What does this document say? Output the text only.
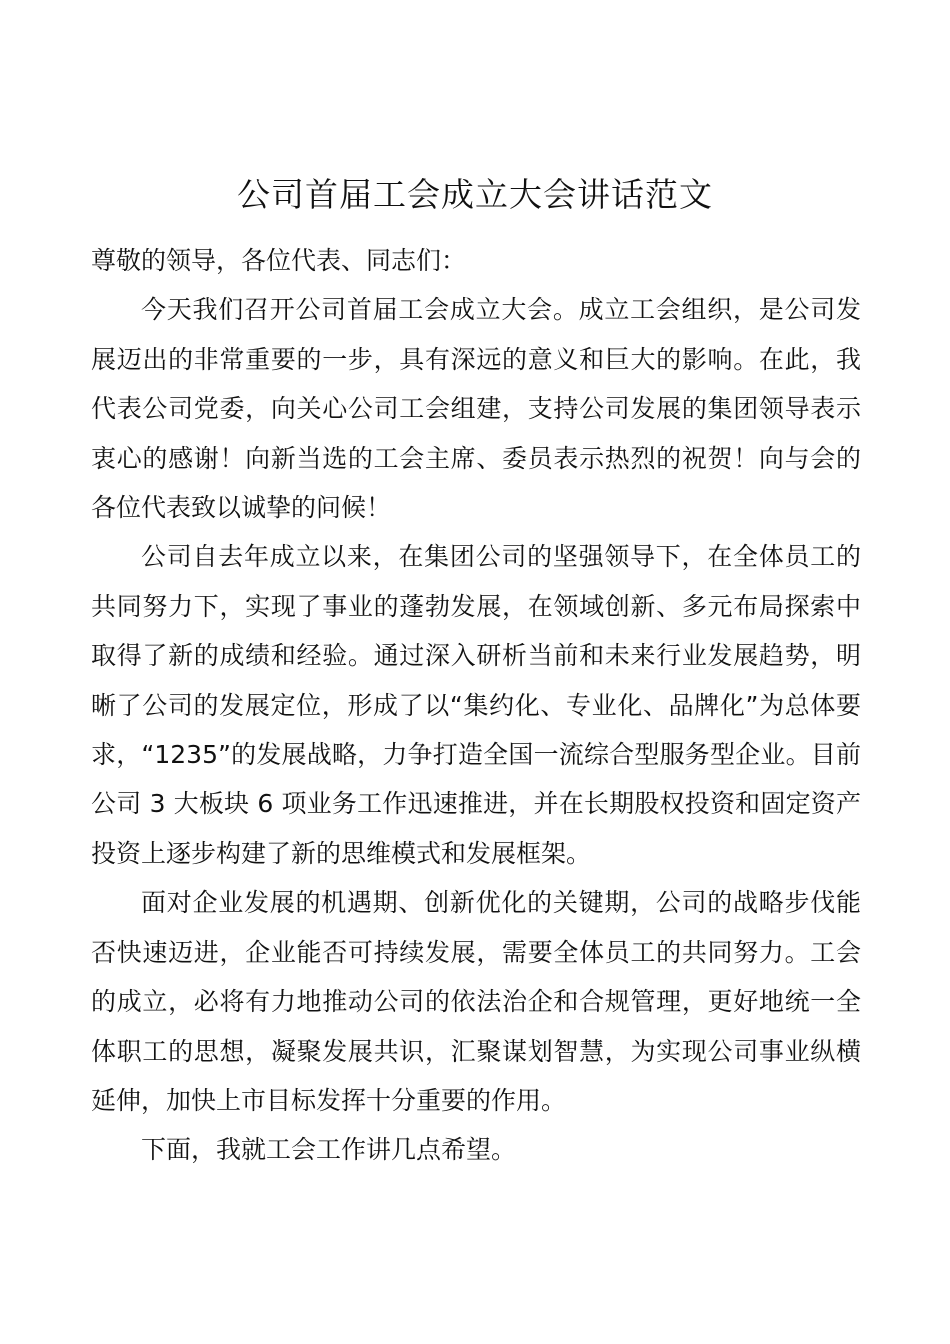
公司首届工会成立大会讲话范文

尊敬的领导，各位代表、同志们：

今天我们召开公司首届工会成立大会。成立工会组织，是公司发展迈出的非常重要的一步，具有深远的意义和巨大的影响。在此，我代表公司党委，向关心公司工会组建，支持公司发展的集团领导表示衷心的感谢！向新当选的工会主席、委员表示热烈的祝贺！向与会的各位代表致以诚挚的问候！

公司自去年成立以来，在集团公司的坚强领导下，在全体员工的共同努力下，实现了事业的蓬勃发展，在领域创新、多元布局探索中取得了新的成绩和经验。通过深入研析当前和未来行业发展趋势，明晰了公司的发展定位，形成了以“集约化、专业化、品牌化”为总体要求，“1235”的发展战略，力争打造全国一流综合型服务型企业。目前公司 3 大板块 6 项业务工作迅速推进，并在长期股权投资和固定资产投资上逐步构建了新的思维模式和发展框架。

面对企业发展的机遇期、创新优化的关键期，公司的战略步伐能否快速迈进，企业能否可持续发展，需要全体员工的共同努力。工会的成立，必将有力地推动公司的依法治企和合规管理，更好地统一全体职工的思想，凝聚发展共识，汇聚谋划智慧，为实现公司事业纵横延伸，加快上市目标发挥十分重要的作用。

下面，我就工会工作讲几点希望。
